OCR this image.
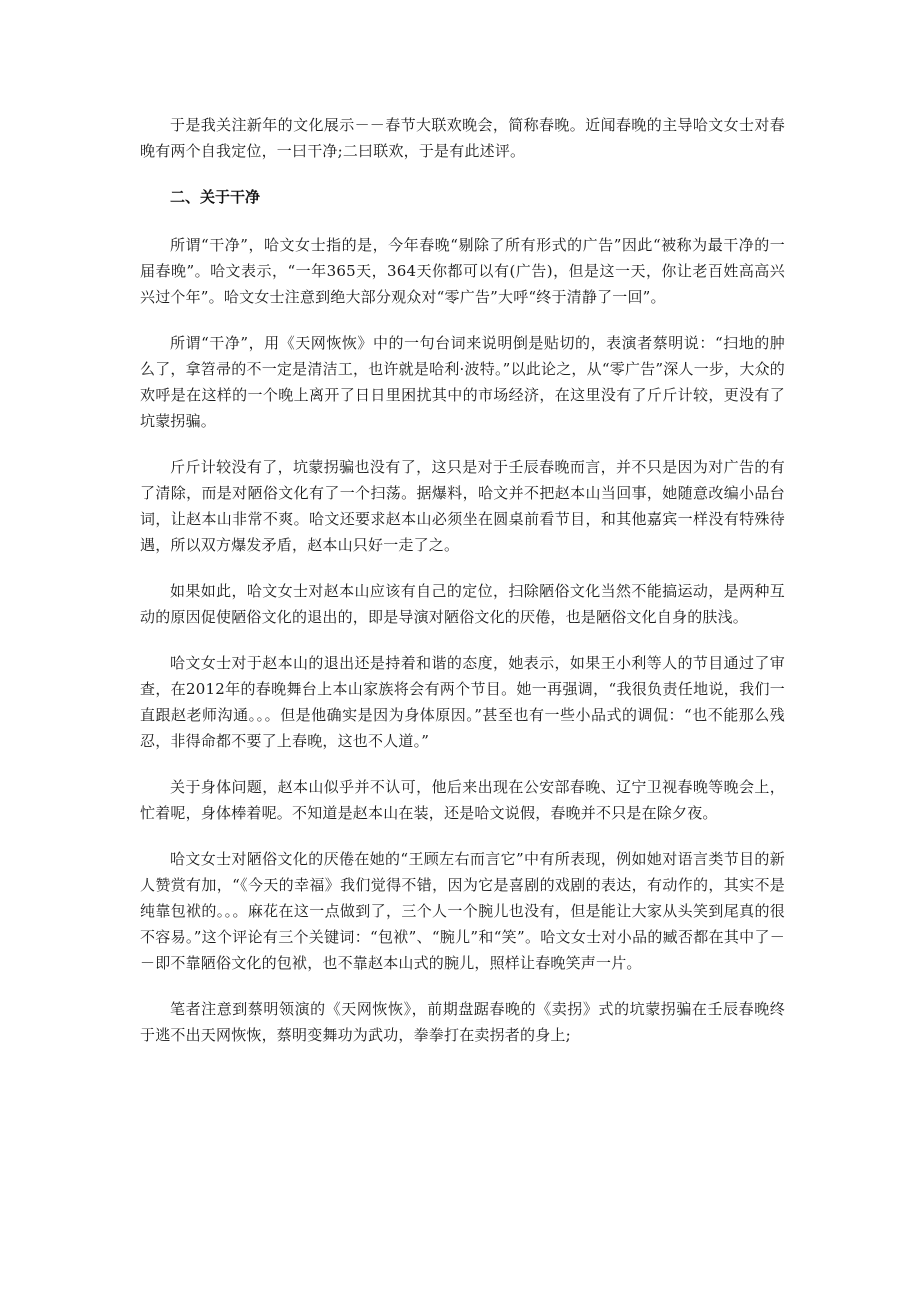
于是我关注新年的文化展示－－春节大联欢晚会，简称春晚。近闻春晚的主导哈文女士对春晚有两个自我定位，一曰干净;二曰联欢，于是有此述评。

二、关于干净

所谓“干净”，哈文女士指的是，今年春晚“剔除了所有形式的广告”因此“被称为最干净的一届春晚”。哈文表示，“一年365天，364天你都可以有(广告)，但是这一天，你让老百姓高高兴兴过个年”。哈文女士注意到绝大部分观众对“零广告”大呼“终于清静了一回”。

所谓“干净”，用《天网恢恢》中的一句台词来说明倒是贴切的，表演者蔡明说：“扫地的肿么了，拿笤帚的不一定是清洁工，也许就是哈利·波特。”以此论之，从“零广告”深人一步，大众的欢呼是在这样的一个晚上离开了日日里困扰其中的市场经济，在这里没有了斤斤计较，更没有了坑蒙拐骗。

斤斤计较没有了，坑蒙拐骗也没有了，这只是对于壬辰春晚而言，并不只是因为对广告的有了清除，而是对陋俗文化有了一个扫荡。据爆料，哈文并不把赵本山当回事，她随意改编小品台词，让赵本山非常不爽。哈文还要求赵本山必须坐在圆桌前看节目，和其他嘉宾一样没有特殊待遇，所以双方爆发矛盾，赵本山只好一走了之。

如果如此，哈文女士对赵本山应该有自己的定位，扫除陋俗文化当然不能搞运动，是两种互动的原因促使陋俗文化的退出的，即是导演对陋俗文化的厌倦，也是陋俗文化自身的肤浅。

哈文女士对于赵本山的退出还是持着和谐的态度，她表示，如果王小利等人的节目通过了审查，在2012年的春晚舞台上本山家族将会有两个节目。她一再强调，“我很负责任地说，我们一直跟赵老师沟通。。。但是他确实是因为身体原因。”甚至也有一些小品式的调侃：“也不能那么残忍，非得命都不要了上春晚，这也不人道。”

关于身体问题，赵本山似乎并不认可，他后来出现在公安部春晚、辽宁卫视春晚等晚会上，忙着呢，身体棒着呢。不知道是赵本山在装，还是哈文说假，春晚并不只是在除夕夜。

哈文女士对陋俗文化的厌倦在她的“王顾左右而言它”中有所表现，例如她对语言类节目的新人赞赏有加，“《今天的幸福》我们觉得不错，因为它是喜剧的戏剧的表达，有动作的，其实不是纯靠包袱的。。。麻花在这一点做到了，三个人一个腕儿也没有，但是能让大家从头笑到尾真的很不容易。”这个评论有三个关键词：“包袱”、“腕儿”和“笑”。哈文女士对小品的臧否都在其中了－－即不靠陋俗文化的包袱，也不靠赵本山式的腕儿，照样让春晚笑声一片。

笔者注意到蔡明领演的《天网恢恢》，前期盘踞春晚的《卖拐》式的坑蒙拐骗在壬辰春晚终于逃不出天网恢恢，蔡明变舞功为武功，拳拳打在卖拐者的身上;
